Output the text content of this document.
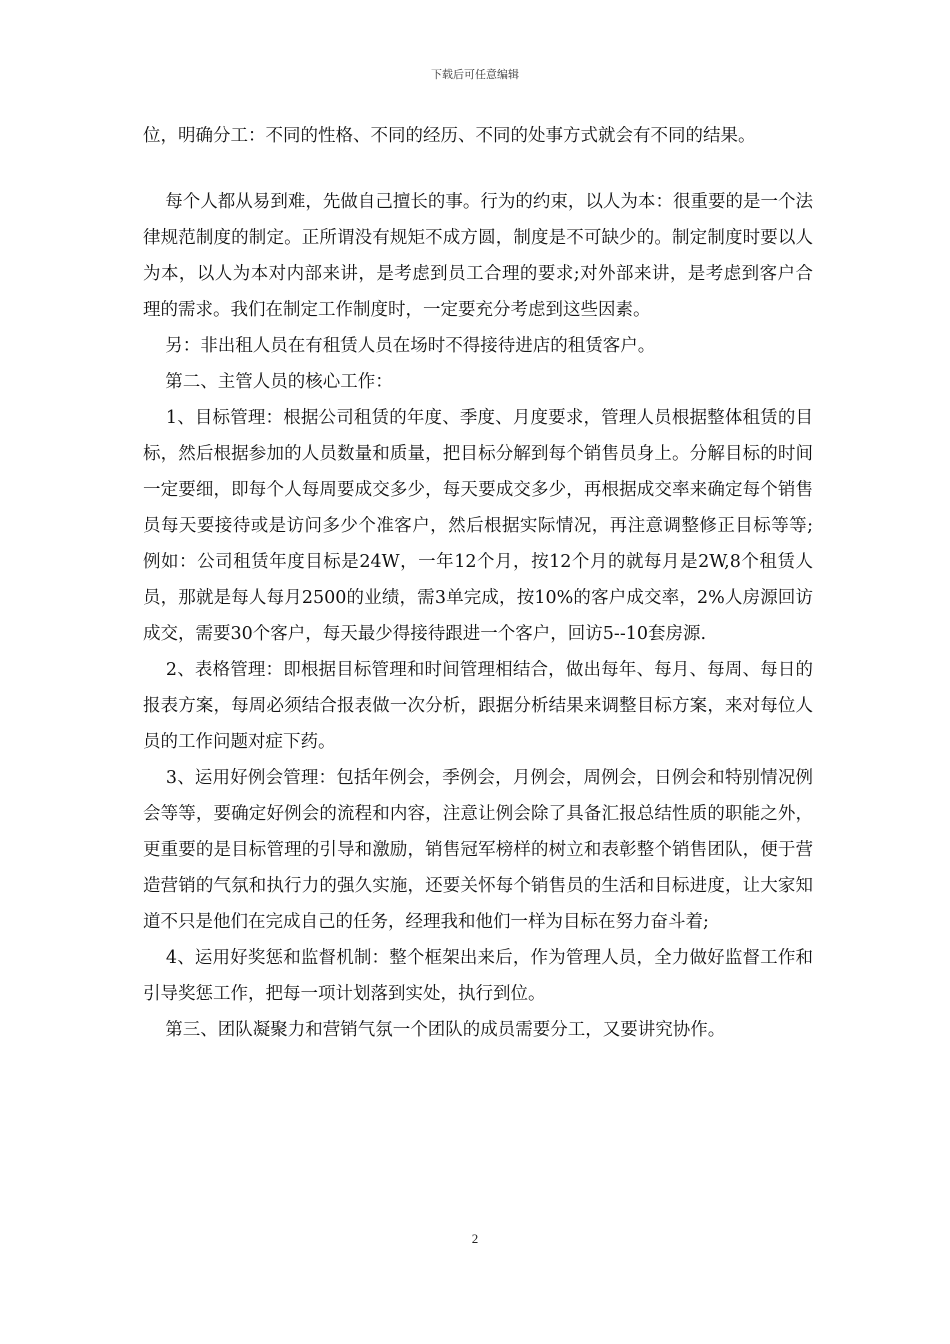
下载后可任意编辑

位，明确分工：不同的性格、不同的经历、不同的处事方式就会有不同的结果。

每个人都从易到难，先做自己擅长的事。行为的约束，以人为本：很重要的是一个法律规范制度的制定。正所谓没有规矩不成方圆，制度是不可缺少的。制定制度时要以人为本，以人为本对内部来讲，是考虑到员工合理的要求;对外部来讲，是考虑到客户合理的需求。我们在制定工作制度时，一定要充分考虑到这些因素。

另：非出租人员在有租赁人员在场时不得接待进店的租赁客户。

第二、主管人员的核心工作：

1、目标管理：根据公司租赁的年度、季度、月度要求，管理人员根据整体租赁的目标，然后根据参加的人员数量和质量，把目标分解到每个销售员身上。分解目标的时间一定要细，即每个人每周要成交多少，每天要成交多少，再根据成交率来确定每个销售员每天要接待或是访问多少个准客户，然后根据实际情况，再注意调整修正目标等等;例如：公司租赁年度目标是24W，一年12个月，按12个月的就每月是2W,8个租赁人员，那就是每人每月2500的业绩，需3单完成，按10%的客户成交率，2%人房源回访成交，需要30个客户，每天最少得接待跟进一个客户，回访5--10套房源.

2、表格管理：即根据目标管理和时间管理相结合，做出每年、每月、每周、每日的报表方案，每周必须结合报表做一次分析，跟据分析结果来调整目标方案，来对每位人员的工作问题对症下药。

3、运用好例会管理：包括年例会，季例会，月例会，周例会，日例会和特别情况例会等等，要确定好例会的流程和内容，注意让例会除了具备汇报总结性质的职能之外，更重要的是目标管理的引导和激励，销售冠军榜样的树立和表彰整个销售团队，便于营造营销的气氛和执行力的强久实施，还要关怀每个销售员的生活和目标进度，让大家知道不只是他们在完成自己的任务，经理我和他们一样为目标在努力奋斗着;

4、运用好奖惩和监督机制：整个框架出来后，作为管理人员，全力做好监督工作和引导奖惩工作，把每一项计划落到实处，执行到位。

第三、团队凝聚力和营销气氛一个团队的成员需要分工，又要讲究协作。

2
